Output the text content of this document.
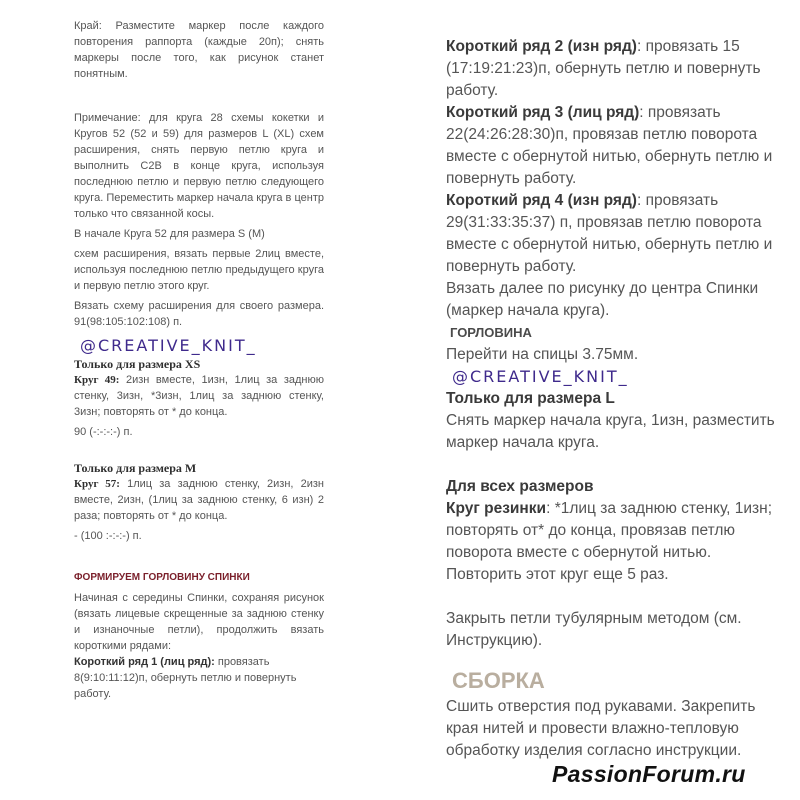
Край: Разместите маркер после каждого повторения раппорта (каждые 20п); снять маркеры после того, как рисунок станет понятным.

Примечание: для круга 28 схемы кокетки и Кругов 52 (52 и 59) для размеров L (XL) схем расширения, снять первую петлю круга и выполнить C2B в конце круга, используя последнюю петлю и первую петлю следующего круга. Переместить маркер начала круга в центр только что связанной косы.

В начале Круга 52 для размера S (M)

схем расширения, вязать первые 2лиц вместе, используя последнюю петлю предыдущего круга и первую петлю этого круг.

Вязать схему расширения для своего размера. 91(98:105:102:108) п.

@CREATIVE_KNIT_

Только для размера XS

Круг 49: 2изн вместе, 1изн, 1лиц за заднюю стенку, 3изн, *3изн, 1лиц за заднюю стенку, 3изн; повторять от * до конца.

90 (-:-:-:-) п.

Только для размера M

Круг 57: 1лиц за заднюю стенку, 2изн, 2изн вместе, 2изн, (1лиц за заднюю стенку, 6 изн) 2 раза; повторять от * до конца.

- (100 :-:-:-) п.

ФОРМИРУЕМ ГОРЛОВИНУ СПИНКИ

Начиная с середины Спинки, сохраняя рисунок (вязать лицевые скрещенные за заднюю стенку и изнаночные петли), продолжить вязать короткими рядами:

Короткий ряд 1 (лиц ряд): провязать 8(9:10:11:12)п, обернуть петлю и повернуть работу.

Короткий ряд 2 (изн ряд): провязать 15 (17:19:21:23)п, обернуть петлю и повернуть работу.

Короткий ряд 3 (лиц ряд): провязать 22(24:26:28:30)п, провязав петлю поворота вместе с обернутой нитью, обернуть петлю и повернуть работу.

Короткий ряд 4 (изн ряд): провязать 29(31:33:35:37) п, провязав петлю поворота вместе с обернутой нитью, обернуть петлю и повернуть работу.

Вязать далее по рисунку до центра Спинки (маркер начала круга).

ГОРЛОВИНА

Перейти на спицы 3.75мм.

@CREATIVE_KNIT_

Только для размера L

Снять маркер начала круга, 1изн, разместить маркер начала круга.

Для всех размеров

Круг резинки: *1лиц за заднюю стенку, 1изн; повторять от* до конца, провязав петлю поворота вместе с обернутой нитью.

Повторить этот круг еще 5 раз.

Закрыть петли тубулярным методом (см. Инструкцию).

СБОРКА

Сшить отверстия под рукавами. Закрепить края нитей и провести влажно-тепловую обработку изделия согласно инструкции.

PassionForum.ru
